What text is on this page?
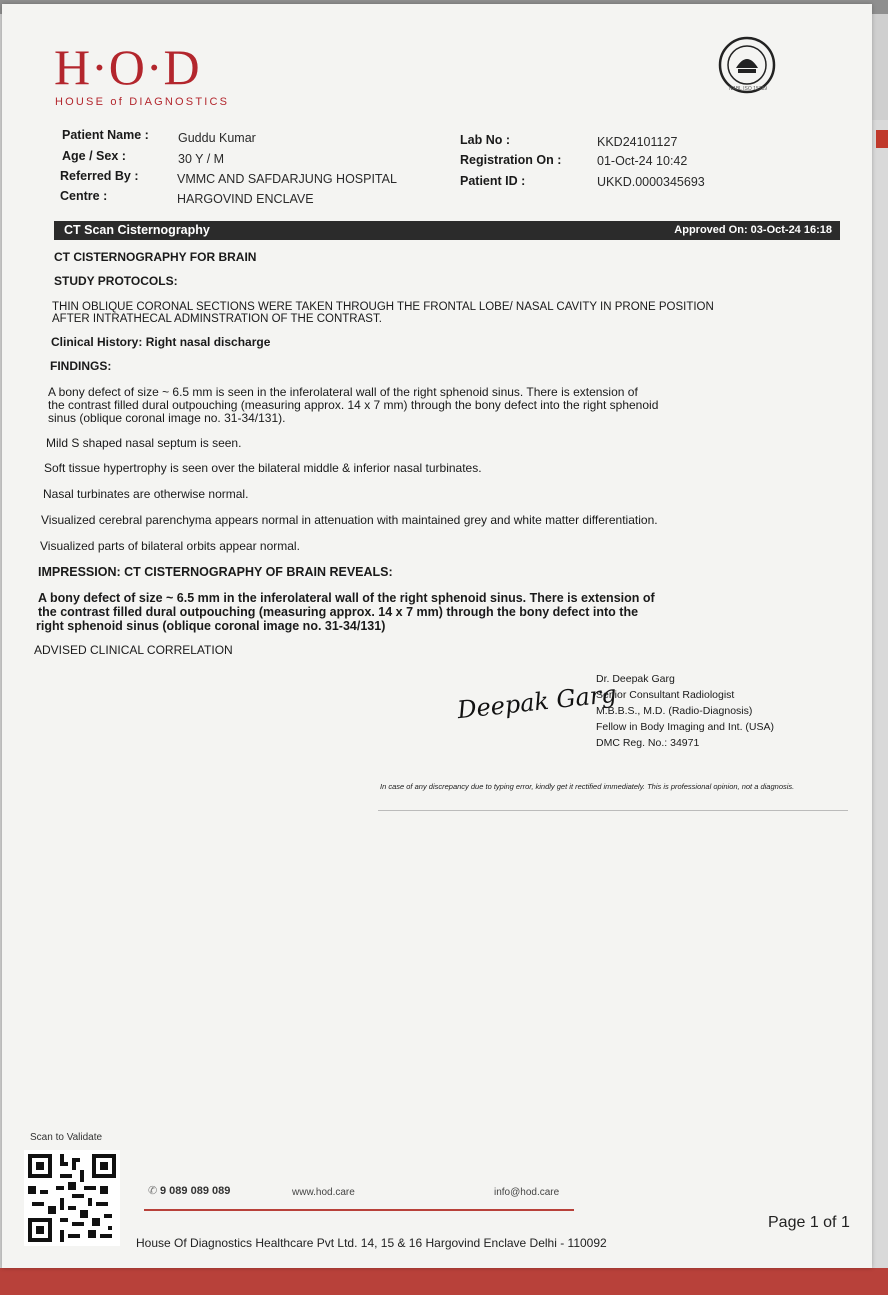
H·O·D
HOUSE of DIAGNOSTICS
NABL ISO 15189
Patient Name : Guddu Kumar
Age / Sex :	30 Y / M
Referred By :	VMMC AND SAFDARJUNG HOSPITAL
Centre :	HARGOVIND ENCLAVE
Lab No :	KKD24101127
Registration On :	01-Oct-24 10:42
Patient ID :	UKKD.0000345693
CT Scan Cisternography	Approved On: 03-Oct-24 16:18
CT CISTERNOGRAPHY FOR BRAIN
STUDY PROTOCOLS:
THIN OBLIQUE CORONAL SECTIONS WERE TAKEN THROUGH THE FRONTAL LOBE/ NASAL CAVITY IN PRONE POSITION
AFTER INTRATHECAL ADMINSTRATION OF THE CONTRAST.
Clinical History: Right nasal discharge
FINDINGS:
A bony defect of size ~ 6.5 mm is seen in the inferolateral wall of the right sphenoid sinus. There is extension of
the contrast filled dural outpouching (measuring approx. 14 x 7 mm) through the bony defect into the right sphenoid
sinus (oblique coronal image no. 31-34/131).
Mild S shaped nasal septum is seen.
Soft tissue hypertrophy is seen over the bilateral middle & inferior nasal turbinates.
Nasal turbinates are otherwise normal.
Visualized cerebral parenchyma appears normal in attenuation with maintained grey and white matter differentiation.
Visualized parts of bilateral orbits appear normal.
IMPRESSION: CT CISTERNOGRAPHY OF BRAIN REVEALS:
A bony defect of size ~ 6.5 mm in the inferolateral wall of the right sphenoid sinus. There is extension of
the contrast filled dural outpouching (measuring approx. 14 x 7 mm) through the bony defect into the
right sphenoid sinus (oblique coronal image no. 31-34/131)
ADVISED CLINICAL CORRELATION
Deepak Garg
Dr. Deepak Garg
Senior Consultant Radiologist
M.B.B.S., M.D. (Radio-Diagnosis)
Fellow in Body Imaging and Int. (USA)
DMC Reg. No.: 34971
In case of any discrepancy due to typing error, kindly get it rectified immediately. This is professional opinion, not a diagnosis.
Scan to Validate
✆ 9 089 089 089	www.hod.care	info@hod.care
Page 1 of 1
House Of Diagnostics Healthcare Pvt Ltd. 14, 15 & 16 Hargovind Enclave Delhi - 110092
